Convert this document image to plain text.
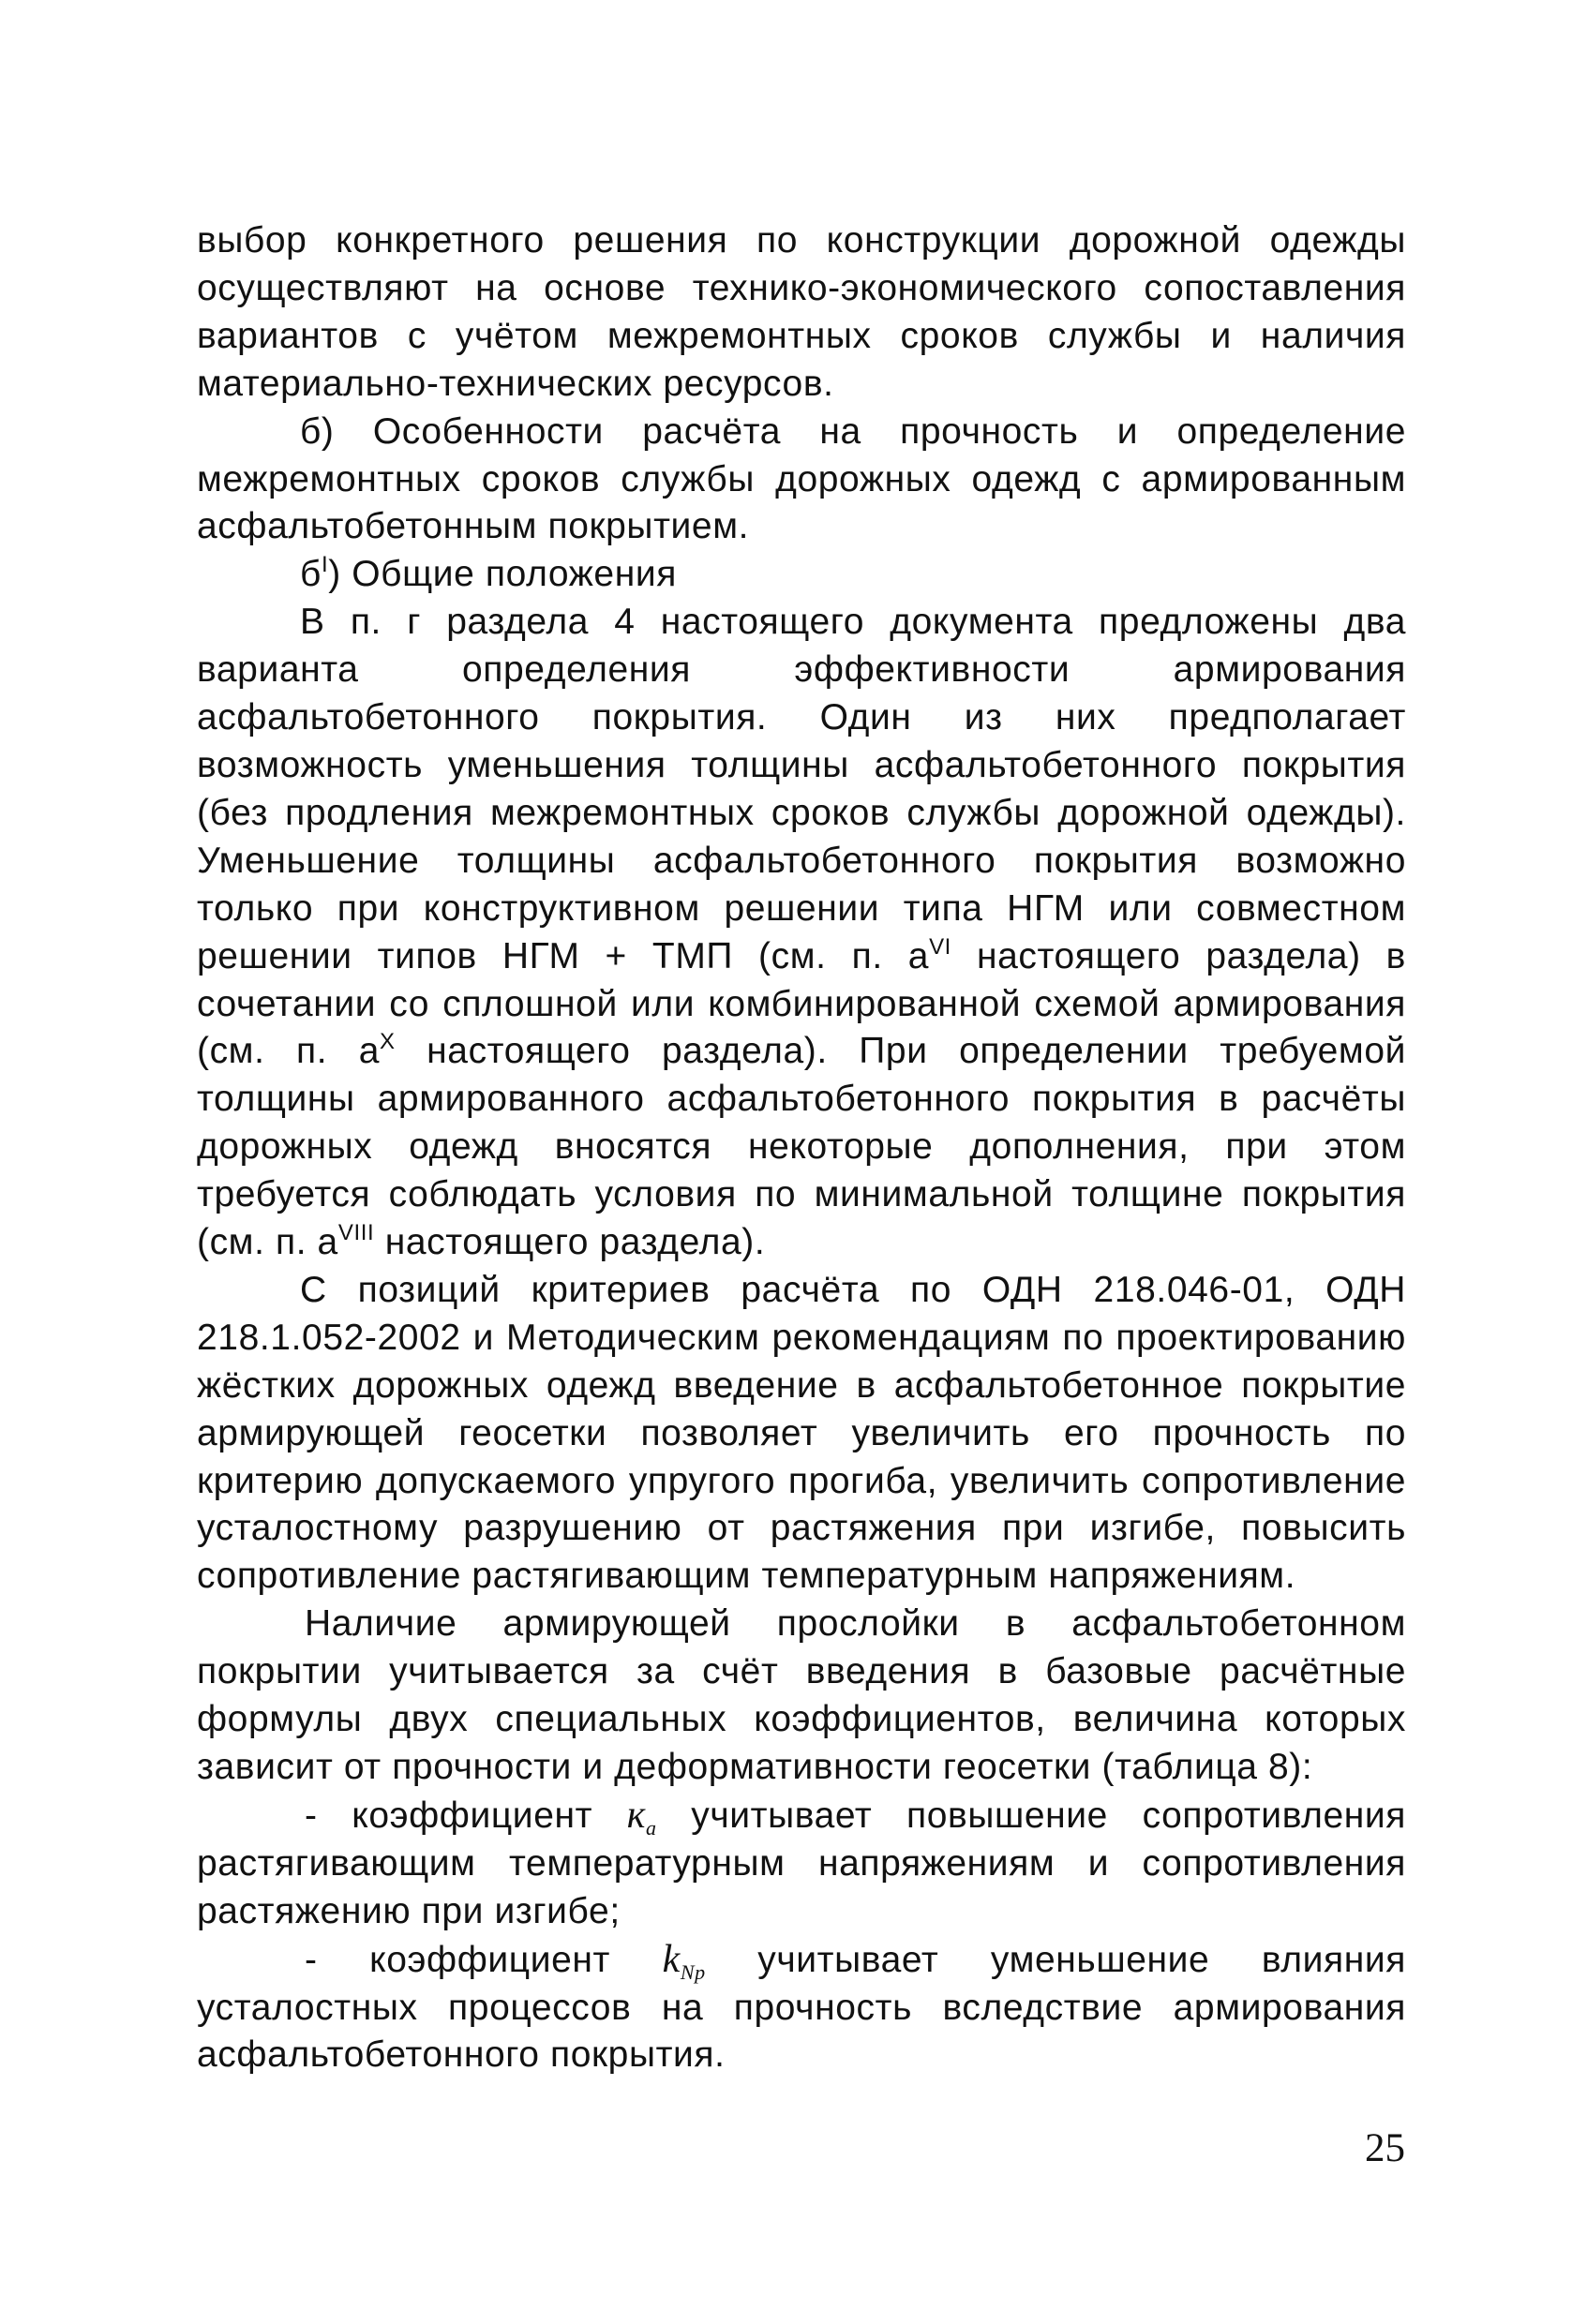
выбор конкретного решения по конструкции дорожной одежды осуществляют на основе технико-экономического сопоставления вариантов с учётом межремонтных сроков службы и наличия материально-технических ресурсов.

б) Особенности расчёта на прочность и определение межремонтных сроков службы дорожных одежд с армированным асфальтобетонным покрытием.

$б^I$) Общие положения

В п. г раздела 4 настоящего документа предложены два варианта определения эффективности армирования асфальтобетонного покрытия. Один из них предполагает возможность уменьшения толщины асфальтобетонного покрытия (без продления межремонтных сроков службы дорожной одежды). Уменьшение толщины асфальтобетонного покрытия возможно только при конструктивном решении типа НГМ или совместном решении типов НГМ + ТМП (см. п. $а^{VI}$ настоящего раздела) в сочетании со сплошной или комбинированной схемой армирования (см. п. $а^X$ настоящего раздела). При определении требуемой толщины армированного асфальтобетонного покрытия в расчёты дорожных одежд вносятся некоторые дополнения, при этом требуется соблюдать условия по минимальной толщине покрытия (см. п. $а^{VIII}$ настоящего раздела).

С позиций критериев расчёта по ОДН 218.046-01, ОДН 218.1.052-2002 и Методическим рекомендациям по проектированию жёстких дорожных одежд введение в асфальтобетонное покрытие армирующей геосетки позволяет увеличить его прочность по критерию допускаемого упругого прогиба, увеличить сопротивление усталостному разрушению от растяжения при изгибе, повысить сопротивление растягивающим температурным напряжениям.

Наличие армирующей прослойки в асфальтобетонном покрытии учитывается за счёт введения в базовые расчётные формулы двух специальных коэффициентов, величина которых зависит от прочности и деформативности геосетки (таблица 8):

- коэффициент $к_a$ учитывает повышение сопротивления растягивающим температурным напряжениям и сопротивления растяжению при изгибе;

- коэффициент $k_{Np}$ учитывает уменьшение влияния усталостных процессов на прочность вследствие армирования асфальтобетонного покрытия.

25
